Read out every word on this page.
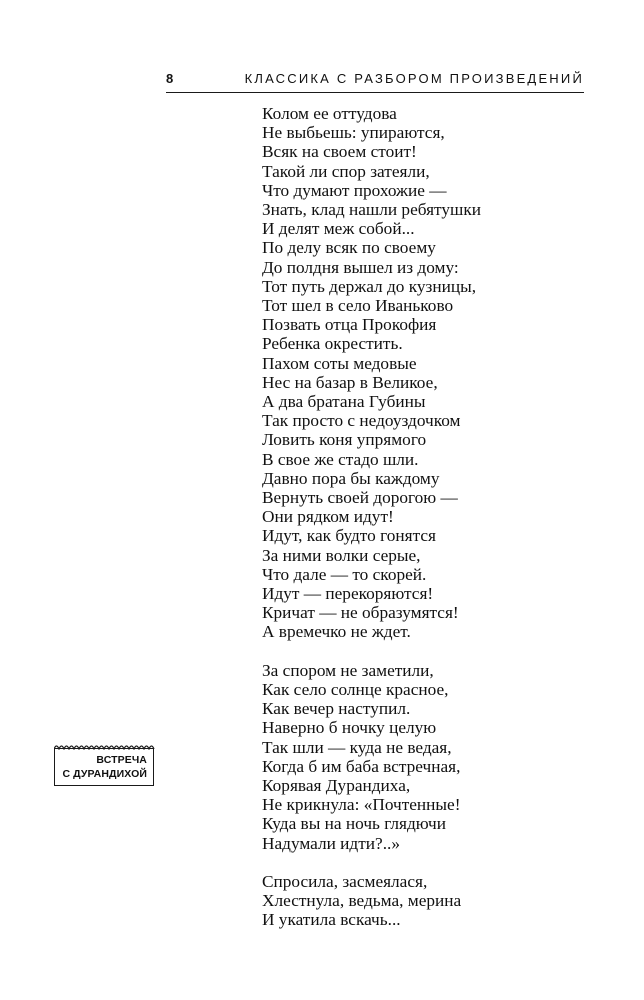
8	КЛАССИКА С РАЗБОРОМ ПРОИЗВЕДЕНИЙ
Колом ее оттудова
Не выбьешь: упираются,
Всяк на своем стоит!
Такой ли спор затеяли,
Что думают прохожие —
Знать, клад нашли ребятушки
И делят меж собой...
По делу всяк по своему
До полдня вышел из дому:
Тот путь держал до кузницы,
Тот шел в село Иваньково
Позвать отца Прокофия
Ребенка окрестить.
Пахом соты медовые
Нес на базар в Великое,
А два братана Губины
Так просто с недоуздочком
Ловить коня упрямого
В свое же стадо шли.
Давно пора бы каждому
Вернуть своей дорогою —
Они рядком идут!
Идут, как будто гонятся
За ними волки серые,
Что дале — то скорей.
Идут — перекоряются!
Кричат — не образумятся!
А времечко не ждет.
За спором не заметили,
Как село солнце красное,
Как вечер наступил.
Наверно б ночку целую
Так шли — куда не ведая,
Когда б им баба встречная,
Корявая Дурандиха,
Не крикнула: «Почтенные!
Куда вы на ночь глядючи
Надумали идти?..»
Спросила, засмеялася,
Хлестнула, ведьма, мерина
И укатила вскачь...
ВСТРЕЧА
С ДУРАНДИХОЙ
